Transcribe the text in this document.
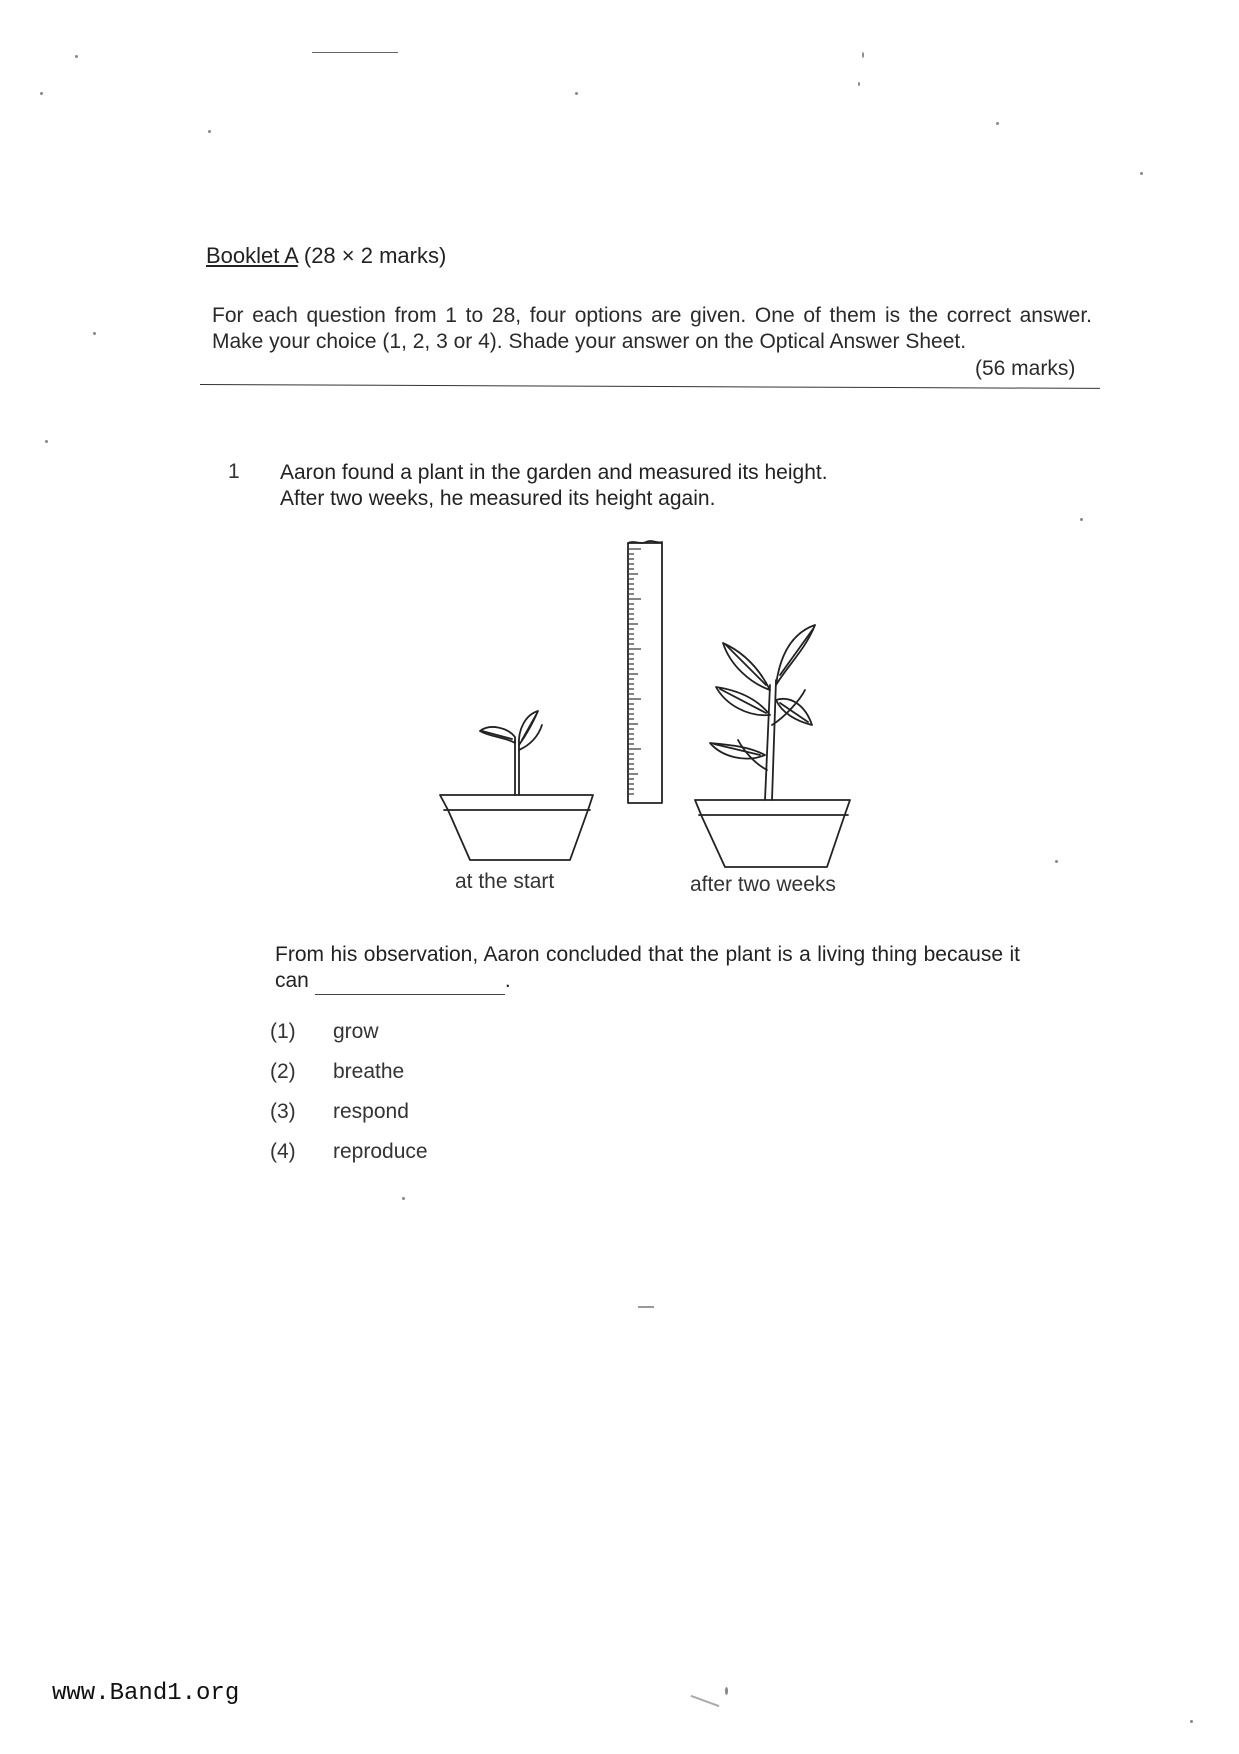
Booklet A (28 × 2 marks)
For each question from 1 to 28, four options are given. One of them is the correct answer. Make your choice (1, 2, 3 or 4). Shade your answer on the Optical Answer Sheet.
(56 marks)
1 Aaron found a plant in the garden and measured its height.
After two weeks, he measured its height again.
at the start	after two weeks
From his observation, Aaron concluded that the plant is a living thing because it can	.
(1)	grow
(2)	breathe
(3)	respond
(4)	reproduce
www.Band1.org
